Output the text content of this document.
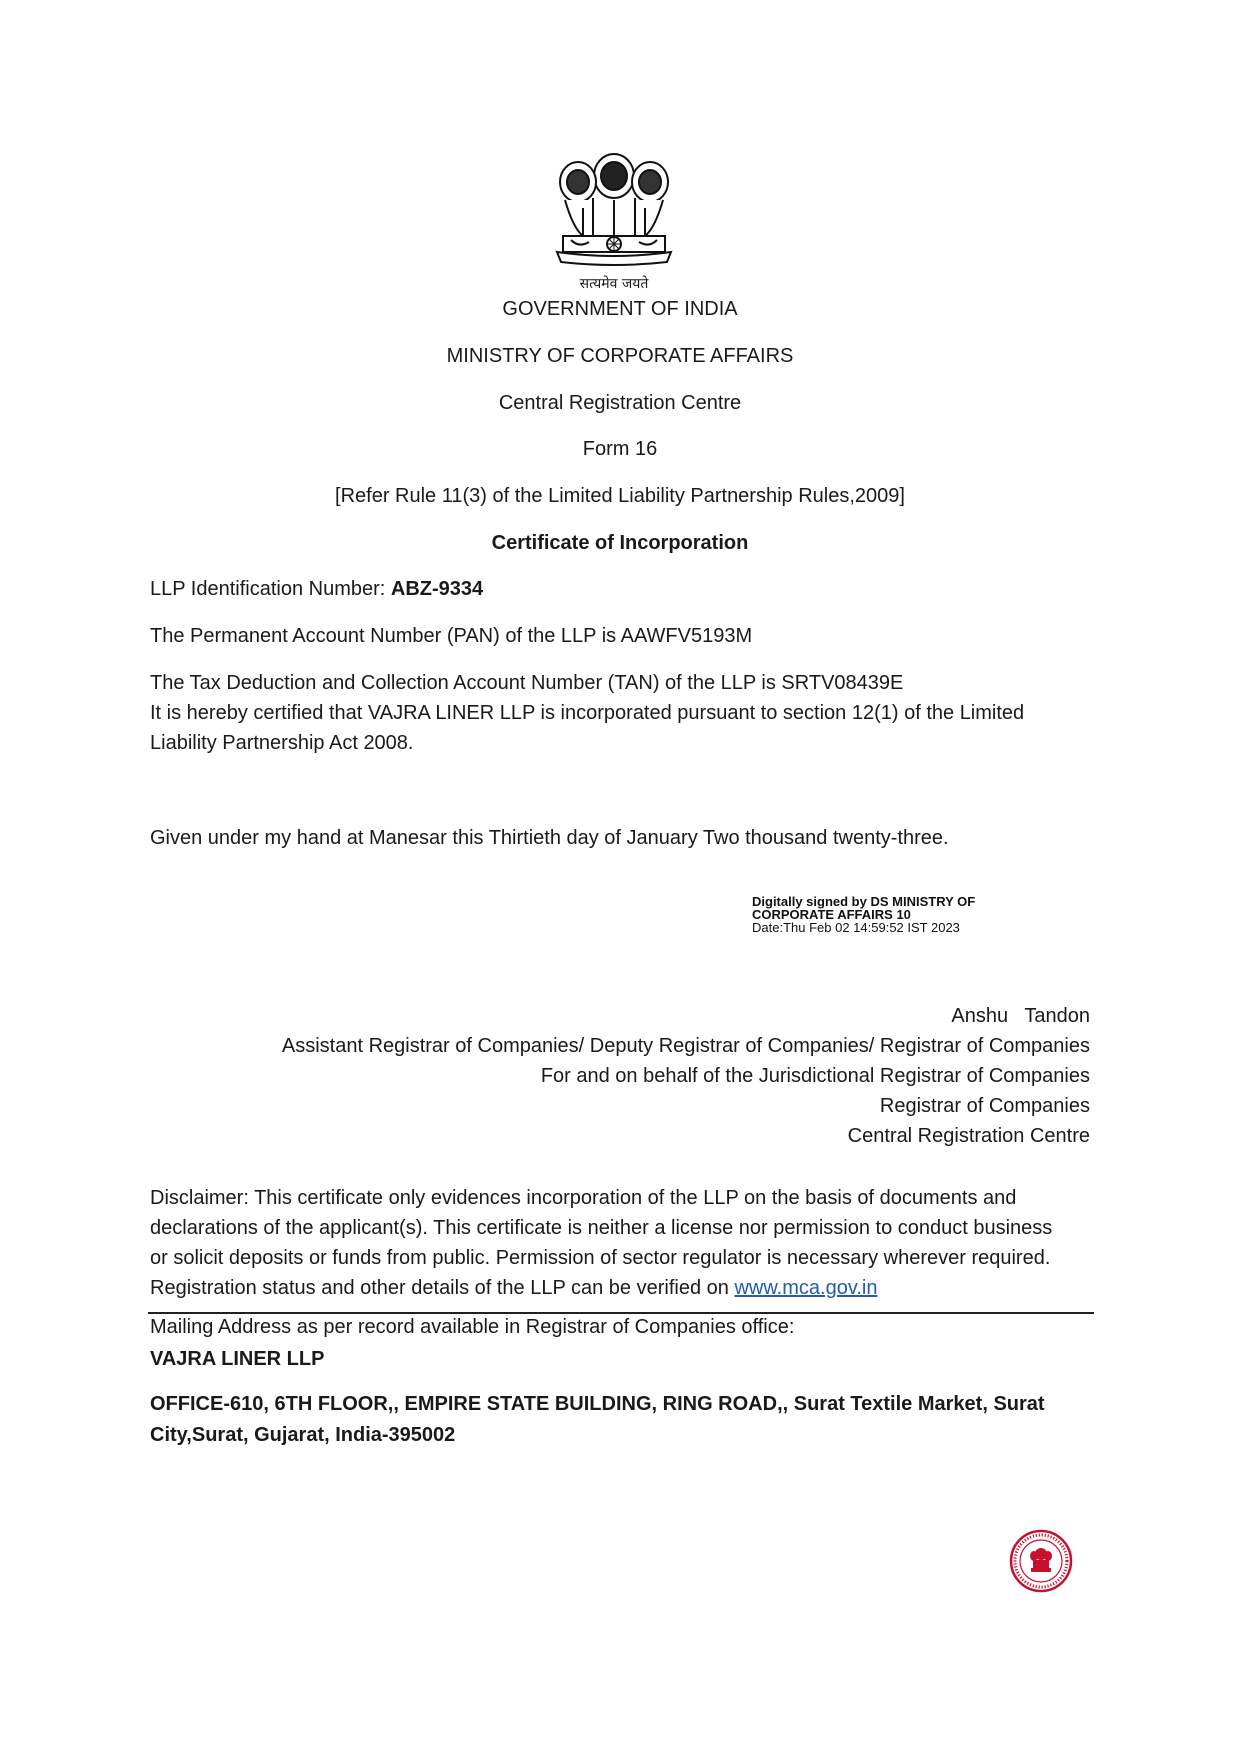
सत्यमेव जयते
GOVERNMENT OF INDIA
MINISTRY OF CORPORATE AFFAIRS
Central Registration Centre
Form 16
[Refer Rule 11(3) of the Limited Liability Partnership Rules,2009]
Certificate of Incorporation
LLP Identification Number: ABZ-9334
The Permanent Account Number (PAN) of the LLP is AAWFV5193M
The Tax Deduction and Collection Account Number (TAN) of the LLP is SRTV08439E
It is hereby certified that VAJRA LINER LLP is incorporated pursuant to section 12(1) of the Limited
Liability Partnership Act 2008.
Given under my hand at Manesar this Thirtieth day of January Two thousand twenty-three.
Digitally signed by DS MINISTRY OF
CORPORATE AFFAIRS 10
Date:Thu Feb 02 14:59:52 IST 2023
Anshu   Tandon
Assistant Registrar of Companies/ Deputy Registrar of Companies/ Registrar of Companies
For and on behalf of the Jurisdictional Registrar of Companies
Registrar of Companies
Central Registration Centre
Disclaimer: This certificate only evidences incorporation of the LLP on the basis of documents and
declarations of the applicant(s). This certificate is neither a license nor permission to conduct business
or solicit deposits or funds from public. Permission of sector regulator is necessary wherever required.
Registration status and other details of the LLP can be verified on www.mca.gov.in
Mailing Address as per record available in Registrar of Companies office:
VAJRA LINER LLP
OFFICE-610, 6TH FLOOR,, EMPIRE STATE BUILDING, RING ROAD,, Surat Textile Market, Surat
City,Surat, Gujarat, India-395002
